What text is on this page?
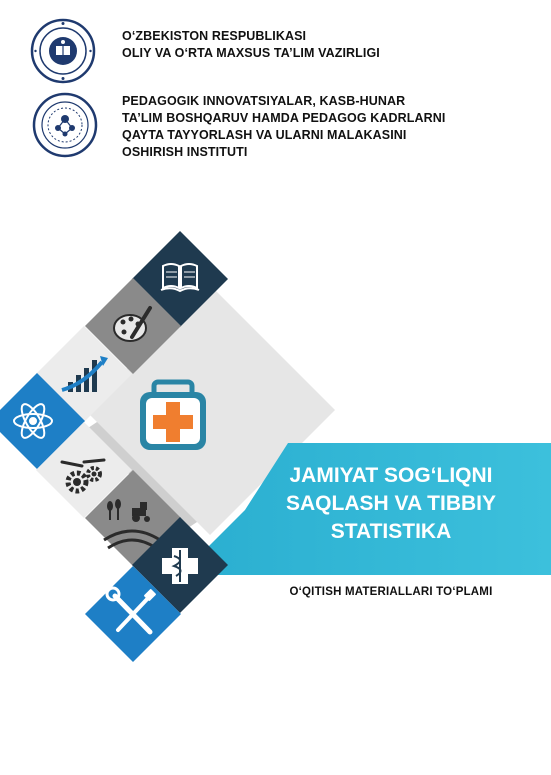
O‘ZBEKISTON RESPUBLIKASI
OLIY VA O‘RTA MAXSUS TA’LIM VAZIRLIGI
PEDAGOGIK INNOVATSIYALAR, KASB-HUNAR
TA’LIM BOSHQARUV HAMDA PEDAGOG KADRLARNI
QAYTA TAYYORLASH VA ULARNI MALAKASINI
OSHIRISH INSTITUTI
JAMIYAT SOG‘LIQNI
SAQLASH VA TIBBIY
STATISTIKA
O‘QITISH MATERIALLARI TO‘PLAMI
